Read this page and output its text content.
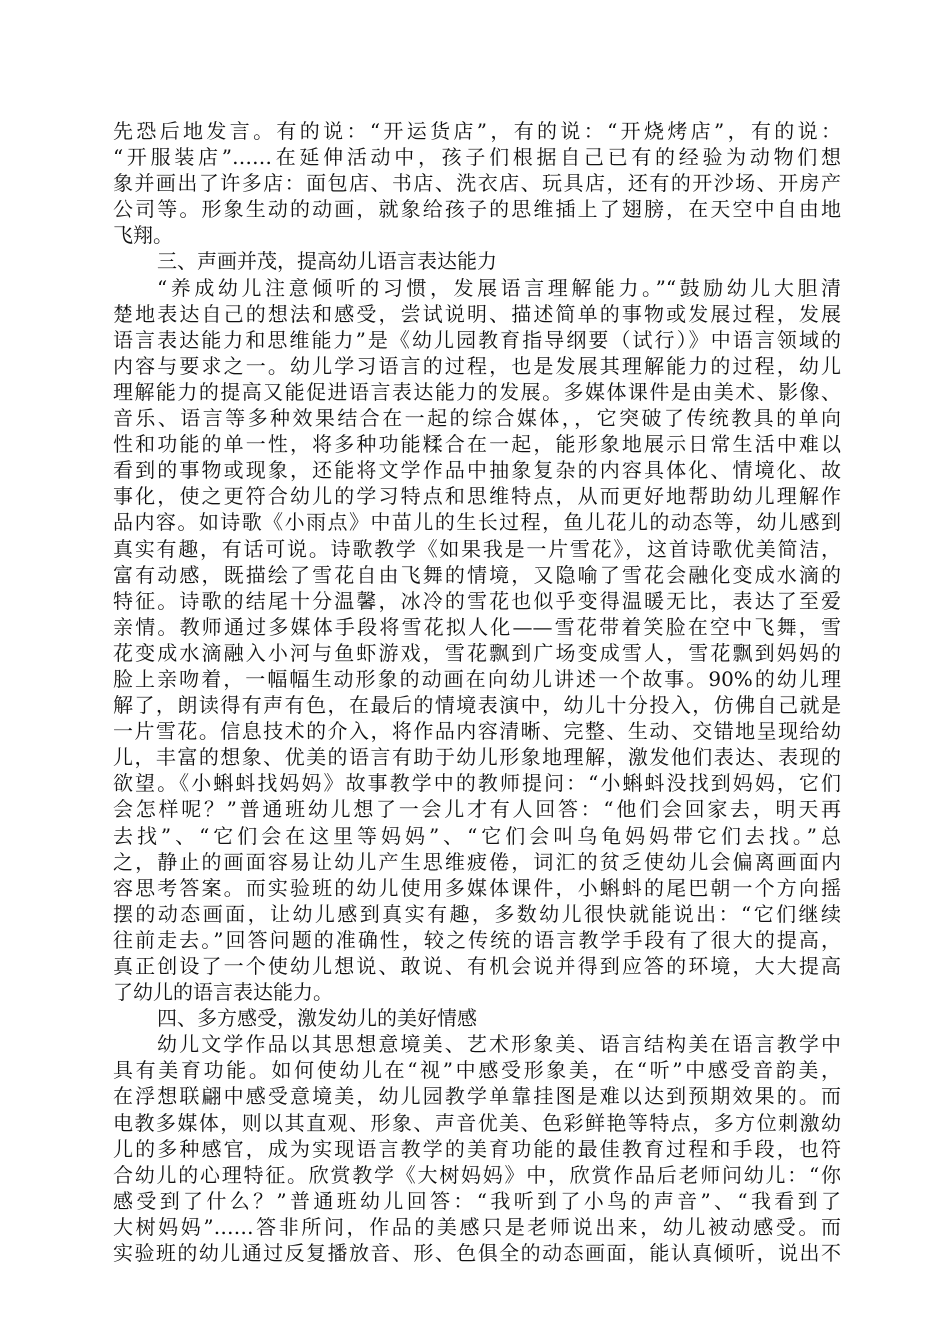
先恐后地发言。有的说：“开运货店”，有的说：“开烧烤店”，有的说：
“开服装店”……在延伸活动中，孩子们根据自己已有的经验为动物们想
象并画出了许多店：面包店、书店、洗衣店、玩具店，还有的开沙场、开房产
公司等。形象生动的动画，就象给孩子的思维插上了翅膀，在天空中自由地
飞翔。
三、声画并茂，提高幼儿语言表达能力
“养成幼儿注意倾听的习惯，发展语言理解能力。”“鼓励幼儿大胆清
楚地表达自己的想法和感受，尝试说明、描述简单的事物或发展过程，发展
语言表达能力和思维能力”是《幼儿园教育指导纲要（试行）》中语言领域的
内容与要求之一。幼儿学习语言的过程，也是发展其理解能力的过程，幼儿
理解能力的提高又能促进语言表达能力的发展。多媒体课件是由美术、影像、
音乐、语言等多种效果结合在一起的综合媒体，，它突破了传统教具的单向
性和功能的单一性，将多种功能糅合在一起，能形象地展示日常生活中难以
看到的事物或现象，还能将文学作品中抽象复杂的内容具体化、情境化、故
事化，使之更符合幼儿的学习特点和思维特点，从而更好地帮助幼儿理解作
品内容。如诗歌《小雨点》中苗儿的生长过程，鱼儿花儿的动态等，幼儿感到
真实有趣，有话可说。诗歌教学《如果我是一片雪花》，这首诗歌优美简洁，
富有动感，既描绘了雪花自由飞舞的情境，又隐喻了雪花会融化变成水滴的
特征。诗歌的结尾十分温馨，冰冷的雪花也似乎变得温暖无比，表达了至爱
亲情。教师通过多媒体手段将雪花拟人化——雪花带着笑脸在空中飞舞，雪
花变成水滴融入小河与鱼虾游戏，雪花飘到广场变成雪人，雪花飘到妈妈的
脸上亲吻着，一幅幅生动形象的动画在向幼儿讲述一个故事。90%的幼儿理
解了，朗读得有声有色，在最后的情境表演中，幼儿十分投入，仿佛自己就是
一片雪花。信息技术的介入，将作品内容清晰、完整、生动、交错地呈现给幼
儿，丰富的想象、优美的语言有助于幼儿形象地理解，激发他们表达、表现的
欲望。《小蝌蚪找妈妈》故事教学中的教师提问：“小蝌蚪没找到妈妈，它们
会怎样呢？”普通班幼儿想了一会儿才有人回答：“他们会回家去，明天再
去找”、“它们会在这里等妈妈”、“它们会叫乌龟妈妈带它们去找。”总
之，静止的画面容易让幼儿产生思维疲倦，词汇的贫乏使幼儿会偏离画面内
容思考答案。而实验班的幼儿使用多媒体课件，小蝌蚪的尾巴朝一个方向摇
摆的动态画面，让幼儿感到真实有趣，多数幼儿很快就能说出：“它们继续
往前走去。”回答问题的准确性，较之传统的语言教学手段有了很大的提高，
真正创设了一个使幼儿想说、敢说、有机会说并得到应答的环境，大大提高
了幼儿的语言表达能力。
四、多方感受，激发幼儿的美好情感
幼儿文学作品以其思想意境美、艺术形象美、语言结构美在语言教学中
具有美育功能。如何使幼儿在“视”中感受形象美，在“听”中感受音韵美，
在浮想联翩中感受意境美，幼儿园教学单靠挂图是难以达到预期效果的。而
电教多媒体，则以其直观、形象、声音优美、色彩鲜艳等特点，多方位刺激幼
儿的多种感官，成为实现语言教学的美育功能的最佳教育过程和手段，也符
合幼儿的心理特征。欣赏教学《大树妈妈》中，欣赏作品后老师问幼儿：“你
感受到了什么？”普通班幼儿回答：“我听到了小鸟的声音”、“我看到了
大树妈妈”……答非所问，作品的美感只是老师说出来，幼儿被动感受。而
实验班的幼儿通过反复播放音、形、色俱全的动态画面，能认真倾听，说出不
